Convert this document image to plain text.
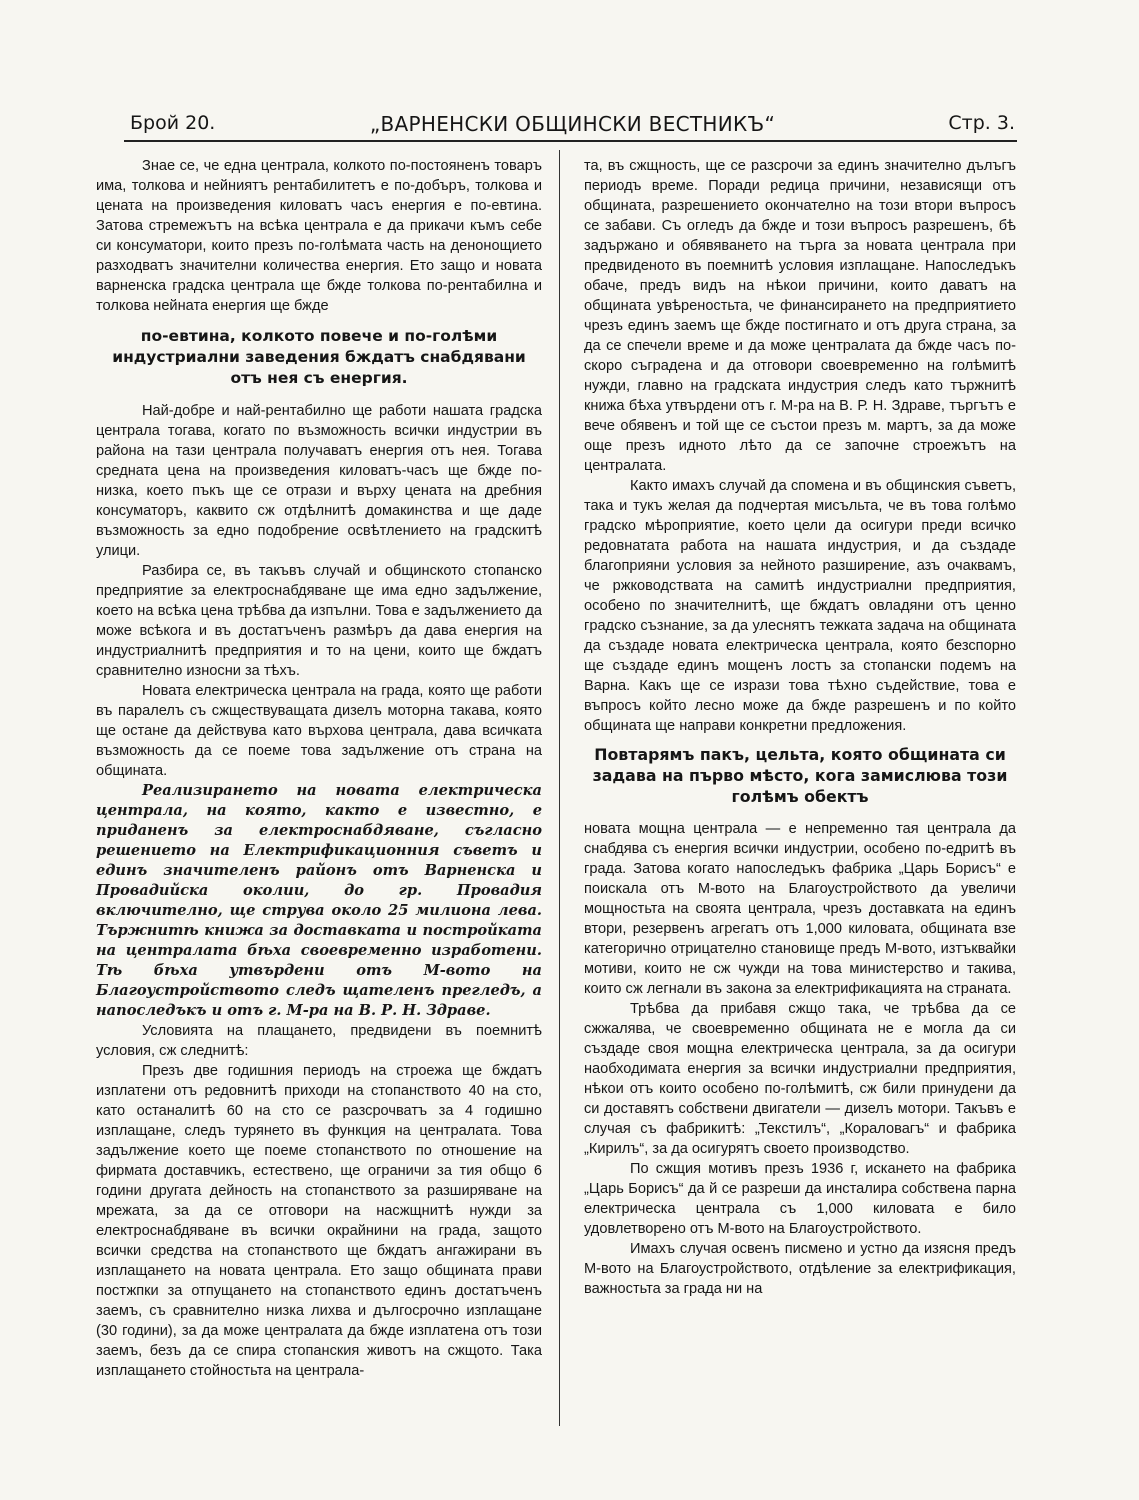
Брой 20.	„ВАРНЕНСКИ ОБЩИНСКИ ВЕСТНИКЪ“	Стр. 3.

Знае се, че една централа, колкото по-постояненъ товаръ има, толкова и нейниятъ рентабилитетъ е по-добъръ, толкова и цената на произведения киловатъ часъ енергия е по-евтина. Затова стремежътъ на всѣка централа е да прикачи къмъ себе си консуматори, които презъ по-голѣмата часть на денонощието разходватъ значителни количества енергия. Ето защо и новата варненска градска централа ще бжде толкова по-рентабилна и толкова нейната енергия ще бжде

по-евтина, колкото повече и по-голѣми индустриални заведения бждатъ снабдявани отъ нея съ енергия.

Най-добре и най-рентабилно ще работи нашата градска централа тогава, когато по възможность всички индустрии въ района на тази централа получаватъ енергия отъ нея. Тогава средната цена на произведения киловатъ-часъ ще бжде по-низка, което пъкъ ще се отрази и върху цената на дребния консуматоръ, каквито сж отдѣлнитѣ домакинства и ще даде възможность за едно подобрение освѣтлението на градскитѣ улици.

Разбира се, въ такъвъ случай и общинското стопанско предприятие за електроснабдяване ще има едно задължение, което на всѣка цена трѣбва да изпълни. Това е задължението да може всѣкога и въ достатъченъ размѣръ да дава енергия на индустриалнитѣ предприятия и то на цени, които ще бждатъ сравнително износни за тѣхъ.

Новата електрическа централа на града, която ще работи въ паралелъ съ сжществуващата дизелъ моторна такава, която ще остане да действува като върхова централа, дава всичката възможность да се поеме това задължение отъ страна на общината.

Реализирането на новата електрическа централа, на която, както е известно, е приданенъ за електроснабдяване, съгласно решението на Електрификационния съветъ и единъ значителенъ районъ отъ Варненска и Провадийска околии, до гр. Провадия включително, ще струва около 25 милиона лева. Тържнитѣ книжа за доставката и постройката на централата бѣха своевременно изработени. Тѣ бѣха утвърдени отъ М-вото на Благоустройството следъ щателенъ прегледъ, а напоследъкъ и отъ г. М-ра на В. Р. Н. Здраве.

Условията на плащането, предвидени въ поемнитѣ условия, сж следнитѣ:

Презъ две годишния периодъ на строежа ще бждатъ изплатени отъ редовнитѣ приходи на стопанството 40 на сто, като останалитѣ 60 на сто се разсрочватъ за 4 годишно изплащане, следъ турянето въ функция на централата. Това задължение което ще поеме стопанството по отношение на фирмата доставчикъ, естествено, ще ограничи за тия общо 6 години другата дейность на стопанството за разширяване на мрежата, за да се отговори на насжщнитѣ нужди за електроснабдяване въ всички окрайнини на града, защото всички средства на стопанството ще бждатъ ангажирани въ изплащането на новата централа. Ето защо общината прави постжпки за отпущането на стопанството единъ достатъченъ заемъ, съ сравнително низка лихва и дългосрочно изплащане (30 години), за да може централата да бжде изплатена отъ този заемъ, безъ да се спира стопанския животъ на сжщото. Така изплащането стойностьта на централа-

та, въ сжщность, ще се разсрочи за единъ значително дълъгъ периодъ време. Поради редица причини, независящи отъ общината, разрешението окончателно на този втори въпросъ се забави. Съ огледъ да бжде и този въпросъ разрешенъ, бѣ задържано и обявяването на търга за новата централа при предвиденото въ поемнитѣ условия изплащане. Напоследъкъ обаче, предъ видъ на нѣкои причини, които даватъ на общината увѣреностьта, че финансирането на предприятието чрезъ единъ заемъ ще бжде постигнато и отъ друга страна, за да се спечели време и да може централата да бжде часъ по-скоро съградена и да отговори своевременно на голѣмитѣ нужди, главно на градската индустрия следъ като тържнитѣ книжа бѣха утвърдени отъ г. М-ра на В. Р. Н. Здраве, търгътъ е вече обявенъ и той ще се състои презъ м. мартъ, за да може още презъ идното лѣто да се започне строежътъ на централата.

Както имахъ случай да спомена и въ общинския съветъ, така и тукъ желая да подчертая мисъльта, че въ това голѣмо градско мѣроприятие, което цели да осигури преди всичко редовнатата работа на нашата индустрия, и да създаде благоприяни условия за нейното разширение, азъ очаквамъ, че ржководствата на самитѣ индустриални предприятия, особено по значителнитѣ, ще бждатъ овладяни отъ ценно градско съзнание, за да улеснятъ тежката задача на общината да създаде новата електрическа централа, която безспорно ще създаде единъ мощенъ лостъ за стопански подемъ на Варна. Какъ ще се изрази това тѣхно съдействие, това е въпросъ който лесно може да бжде разрешенъ и по който общината ще направи конкретни предложения.

Повтарямъ пакъ, цельта, която общината си задава на първо мѣсто, кога замислюва този голѣмъ обектъ

новата мощна централа — е непременно тая централа да снабдява съ енергия всички индустрии, особено по-едритѣ въ града. Затова когато напоследъкъ фабрика „Царь Борисъ“ е поискала отъ М-вото на Благоустройството да увеличи мощностьта на своята централа, чрезъ доставката на единъ втори, резервенъ агрегатъ отъ 1,000 киловата, общината взе категорично отрицателно становище предъ М-вото, изтъквайки мотиви, които не сж чужди на това министерство и такива, които сж легнали въ закона за електрификацията на страната.

Трѣбва да прибавя сжщо така, че трѣбва да се сжжалява, че своевременно общината не е могла да си създаде своя мощна електрическа централа, за да осигури наобходимата енергия за всички индустриални предприятия, нѣкои отъ които особено по-голѣмитѣ, сж били принудени да си доставятъ собствени двигатели — дизелъ мотори. Такъвъ е случая съ фабрикитѣ: „Текстилъ“, „Кораловагъ“ и фабрика „Кирилъ“, за да осигурятъ своето производство.

По сжщия мотивъ презъ 1936 г, искането на фабрика „Царь Борисъ“ да й се разреши да инсталира собствена парна електрическа централа съ 1,000 киловата е било удовлетворено отъ М-вото на Благоустройството.

Имахъ случая освенъ писмено и устно да изясня предъ М-вото на Благоустройството, отдѣление за електрификация, важностьта за града ни на
